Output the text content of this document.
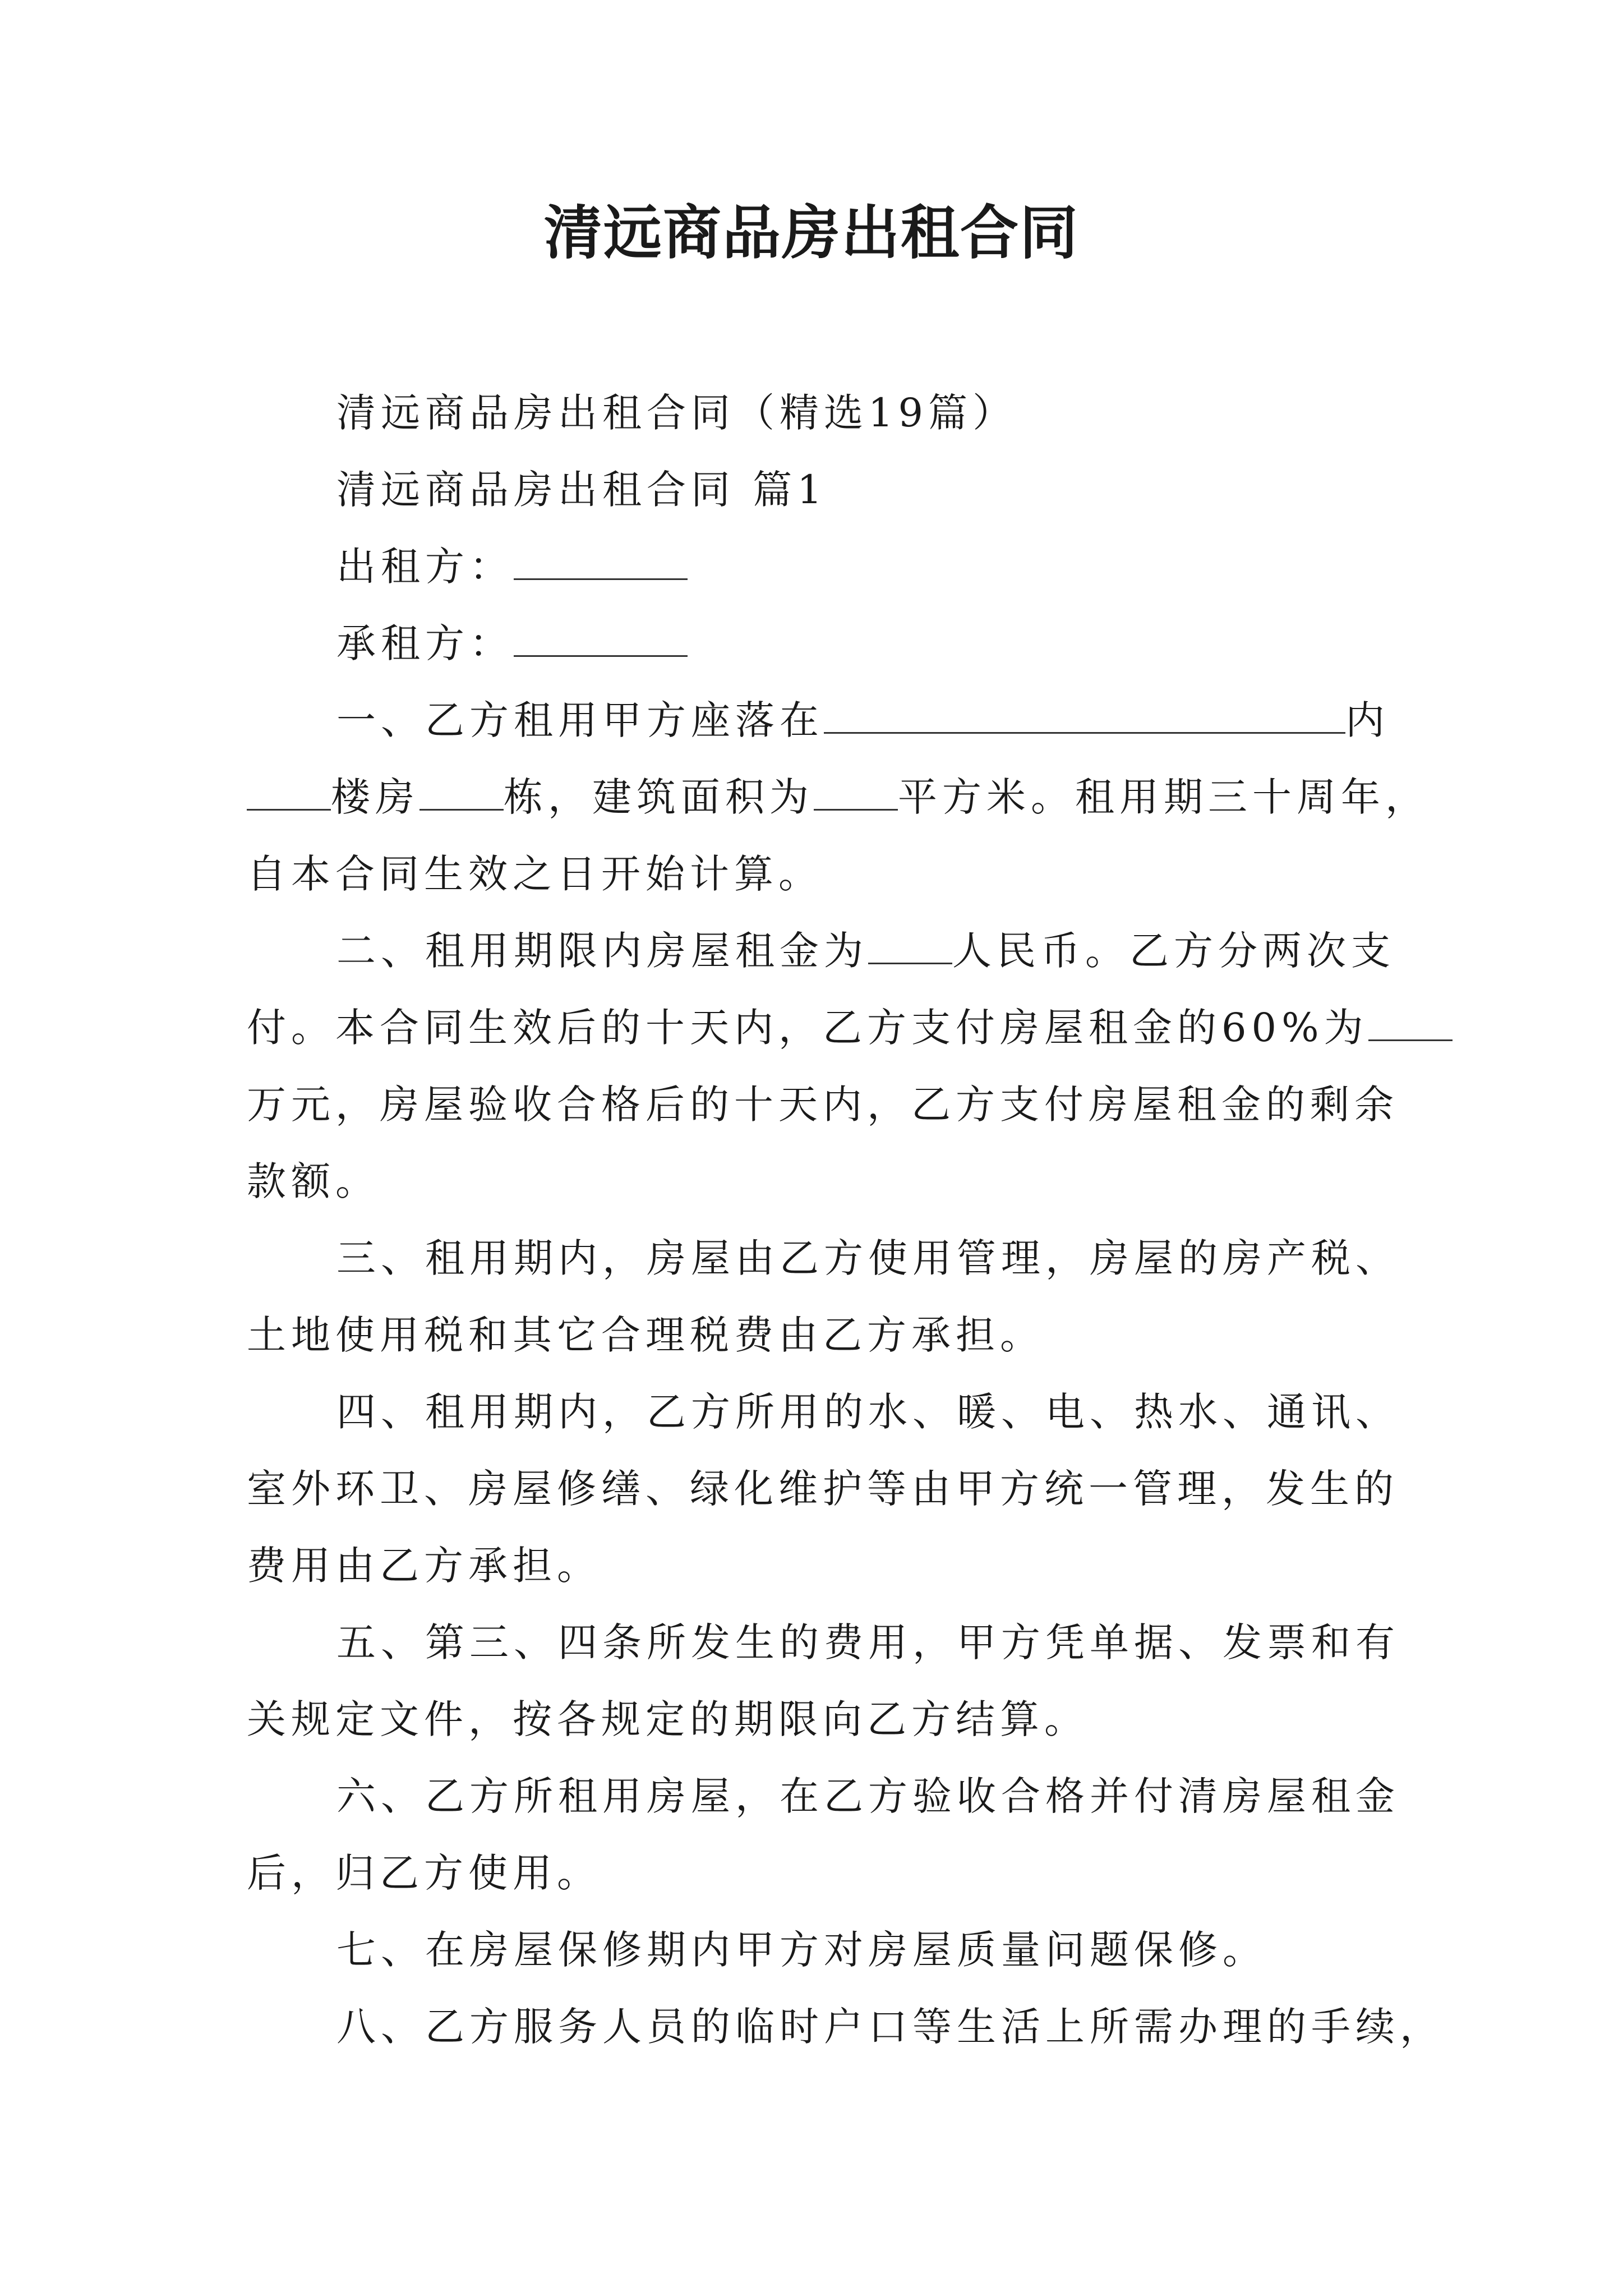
清远商品房出租合同

清远商品房出租合同（精选19篇）

清远商品房出租合同 篇1

出租方：

承租方：

一、乙方租用甲方座落在	内

楼房 栋，建筑面积为 平方米。租用期三十周年，

自本合同生效之日开始计算。

二、租用期限内房屋租金为 人民币。乙方分两次支

付。本合同生效后的十天内，乙方支付房屋租金的60%为

万元，房屋验收合格后的十天内，乙方支付房屋租金的剩余

款额。

三、租用期内，房屋由乙方使用管理，房屋的房产税、

土地使用税和其它合理税费由乙方承担。

四、租用期内，乙方所用的水、暖、电、热水、通讯、

室外环卫、房屋修缮、绿化维护等由甲方统一管理，发生的

费用由乙方承担。

五、第三、四条所发生的费用，甲方凭单据、发票和有

关规定文件，按各规定的期限向乙方结算。

六、乙方所租用房屋，在乙方验收合格并付清房屋租金

后，归乙方使用。

七、在房屋保修期内甲方对房屋质量问题保修。

八、乙方服务人员的临时户口等生活上所需办理的手续，
